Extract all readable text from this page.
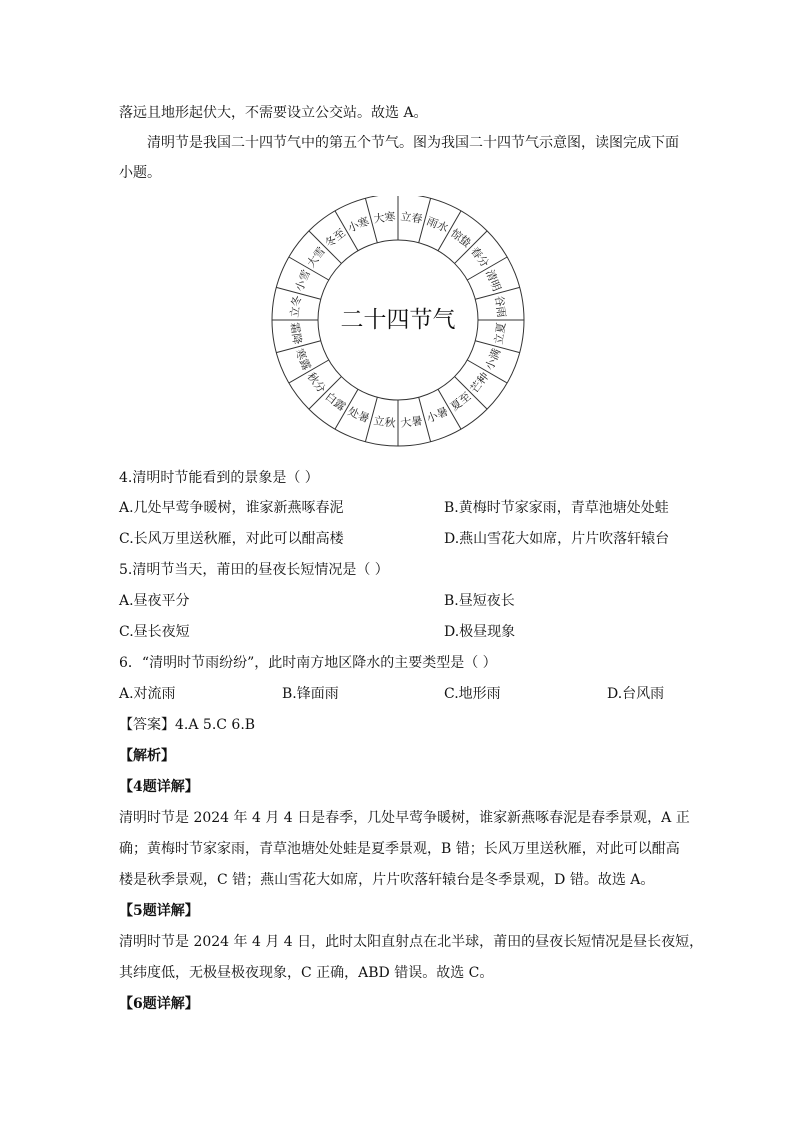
落远且地形起伏大，不需要设立公交站。故选 A。
清明节是我国二十四节气中的第五个节气。图为我国二十四节气示意图，读图完成下面
小题。
立春 雨水
惊蛰
春分
清明
谷雨
立夏
小满
芒种
夏至
小暑
大暑
立秋
处暑
白露
秋分
寒露
霜降
立冬
小雪
大雪
冬至
小寒 大寒
二十四节气
4.清明时节能看到的景象是（ ）
A.几处早莺争暖树，谁家新燕啄春泥	B.黄梅时节家家雨，青草池塘处处蛙
C.长风万里送秋雁，对此可以酣高楼	D.燕山雪花大如席，片片吹落轩辕台
5.清明节当天，莆田的昼夜长短情况是（ ）
A.昼夜平分	B.昼短夜长
C.昼长夜短	D.极昼现象
6．“清明时节雨纷纷”，此时南方地区降水的主要类型是（ ）
A.对流雨	B.锋面雨	C.地形雨	D.台风雨
【答案】4.A 5.C 6.B
【解析】
【4题详解】
清明时节是 2024 年 4 月 4 日是春季，几处早莺争暖树，谁家新燕啄春泥是春季景观，A 正
确；黄梅时节家家雨，青草池塘处处蛙是夏季景观，B 错；长风万里送秋雁，对此可以酣高
楼是秋季景观，C 错；燕山雪花大如席，片片吹落轩辕台是冬季景观，D 错。故选 A。
【5题详解】
清明时节是 2024 年 4 月 4 日，此时太阳直射点在北半球，莆田的昼夜长短情况是昼长夜短，
其纬度低，无极昼极夜现象，C 正确，ABD 错误。故选 C。
【6题详解】
